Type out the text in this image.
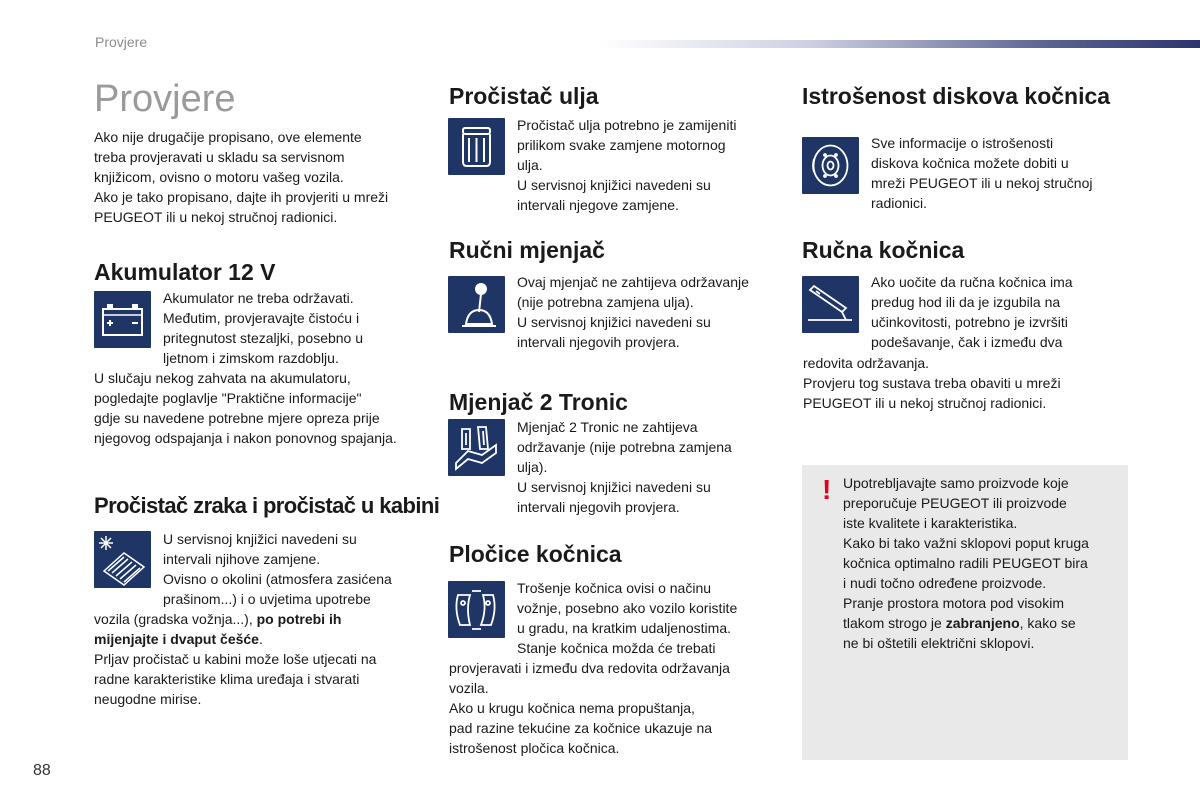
Provjere
Provjere
Ako nije drugačije propisano, ove elemente
treba provjeravati u skladu sa servisnom
knjižicom, ovisno o motoru vašeg vozila.
Ako je tako propisano, dajte ih provjeriti u mreži
PEUGEOT ili u nekoj stručnoj radionici.
Akumulator 12 V
Akumulator ne treba održavati.
Međutim, provjeravajte čistoću i
pritegnutost stezaljki, posebno u
ljetnom i zimskom razdoblju.
U slučaju nekog zahvata na akumulatoru,
pogledajte poglavlje "Praktične informacije"
gdje su navedene potrebne mjere opreza prije
njegovog odspajanja i nakon ponovnog spajanja.
Pročistač zraka i pročistač u kabini
U servisnoj knjižici navedeni su
intervali njihove zamjene.
Ovisno o okolini (atmosfera zasićena
prašinom...) i o uvjetima upotrebe
vozila (gradska vožnja...), po potrebi ih
mijenjajte i dvaput češće.
Prljav pročistač u kabini može loše utjecati na
radne karakteristike klima uređaja i stvarati
neugodne mirise.
88
Pročistač ulja
Pročistač ulja potrebno je zamijeniti
prilikom svake zamjene motornog
ulja.
U servisnoj knjižici navedeni su
intervali njegove zamjene.
Ručni mjenjač
Ovaj mjenjač ne zahtijeva održavanje
(nije potrebna zamjena ulja).
U servisnoj knjižici navedeni su
intervali njegovih provjera.
Mjenjač 2 Tronic
Mjenjač 2 Tronic ne zahtijeva
održavanje (nije potrebna zamjena
ulja).
U servisnoj knjižici navedeni su
intervali njegovih provjera.
Pločice kočnica
Trošenje kočnica ovisi o načinu
vožnje, posebno ako vozilo koristite
u gradu, na kratkim udaljenostima.
Stanje kočnica možda će trebati
provjeravati i između dva redovita održavanja
vozila.
Ako u krugu kočnica nema propuštanja,
pad razine tekućine za kočnice ukazuje na
istrošenost pločica kočnica.
Istrošenost diskova kočnica
Sve informacije o istrošenosti
diskova kočnica možete dobiti u
mreži PEUGEOT ili u nekoj stručnoj
radionici.
Ručna kočnica
Ako uočite da ručna kočnica ima
predug hod ili da je izgubila na
učinkovitosti, potrebno je izvršiti
podešavanje, čak i između dva
redovita održavanja.
Provjeru tog sustava treba obaviti u mreži
PEUGEOT ili u nekoj stručnoj radionici.
! Upotrebljavajte samo proizvode koje
preporučuje PEUGEOT ili proizvode
iste kvalitete i karakteristika.
Kako bi tako važni sklopovi poput kruga
kočnica optimalno radili PEUGEOT bira
i nudi točno određene proizvode.
Pranje prostora motora pod visokim
tlakom strogo je zabranjeno, kako se
ne bi oštetili električni sklopovi.
